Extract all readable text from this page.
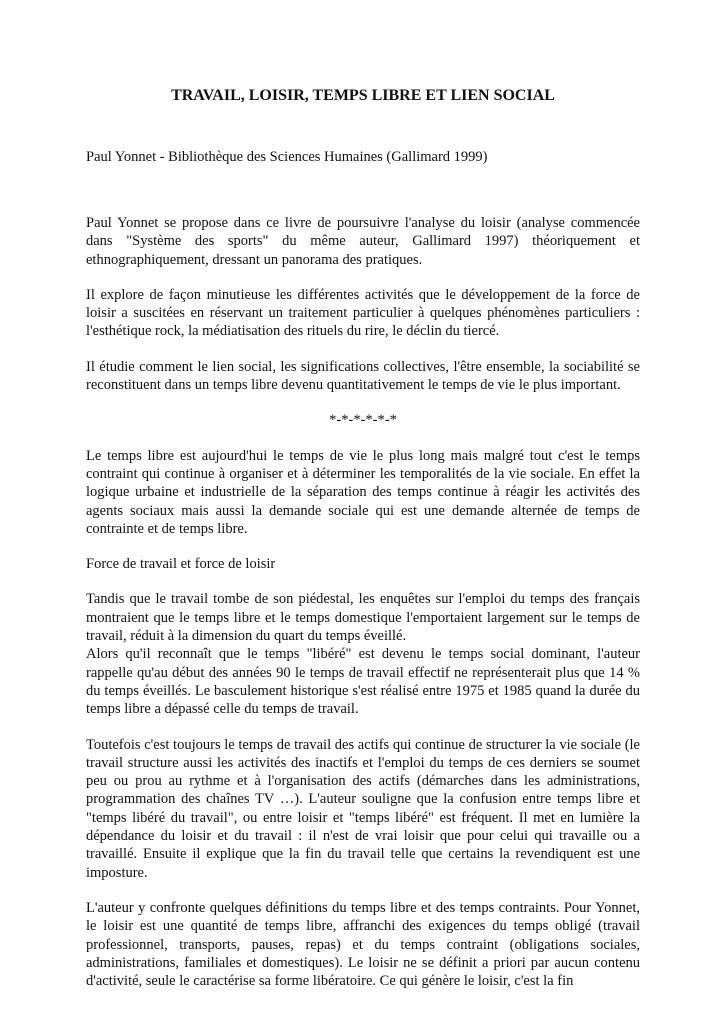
TRAVAIL, LOISIR, TEMPS LIBRE ET LIEN SOCIAL

Paul Yonnet - Bibliothèque des Sciences Humaines (Gallimard 1999)

Paul Yonnet se propose dans ce livre de poursuivre l'analyse du loisir (analyse commencée dans "Système des sports" du même auteur, Gallimard 1997) théoriquement et ethnographiquement, dressant un panorama des pratiques.

Il explore de façon minutieuse les différentes activités que le développement de la force de loisir a suscitées en réservant un traitement particulier à quelques phénomènes particuliers : l'esthétique rock, la médiatisation des rituels du rire, le déclin du tiercé.

Il étudie comment le lien social, les significations collectives, l'être ensemble, la sociabilité se reconstituent dans un temps libre devenu quantitativement le temps de vie le plus important.

*-*-*-*-*-*

Le temps libre est aujourd'hui le temps de vie le plus long mais malgré tout c'est le temps contraint qui continue à organiser et à déterminer les temporalités de la vie sociale. En effet la logique urbaine et industrielle de la séparation des temps continue à réagir les activités des agents sociaux mais aussi la demande sociale qui est une demande alternée de temps de contrainte et de temps libre.

Force de travail et force de loisir

Tandis que le travail tombe de son piédestal, les enquêtes sur l'emploi du temps des français montraient que le temps libre et le temps domestique l'emportaient largement sur le temps de travail, réduit à la dimension du quart du temps éveillé.

Alors qu'il reconnaît que le temps "libéré" est devenu le temps social dominant, l'auteur rappelle qu'au début des années 90 le temps de travail effectif ne représenterait plus que 14 % du temps éveillés. Le basculement historique s'est réalisé entre 1975 et 1985 quand la durée du temps libre a dépassé celle du temps de travail.

Toutefois c'est toujours le temps de travail des actifs qui continue de structurer la vie sociale (le travail structure aussi les activités des inactifs et l'emploi du temps de ces derniers se soumet peu ou prou au rythme et à l'organisation des actifs (démarches dans les administrations, programmation des chaînes TV …). L'auteur souligne que la confusion entre temps libre et "temps libéré du travail", ou entre loisir et "temps libéré" est fréquent. Il met en lumière la dépendance du loisir et du travail : il n'est de vrai loisir que pour celui qui travaille ou a travaillé. Ensuite il explique que la fin du travail telle que certains la revendiquent est une imposture.

L'auteur y confronte quelques définitions du temps libre et des temps contraints. Pour Yonnet, le loisir est une quantité de temps libre, affranchi des exigences du temps obligé (travail professionnel, transports, pauses, repas) et du temps contraint (obligations sociales, administrations, familiales et domestiques). Le loisir ne se définit a priori par aucun contenu d'activité, seule le caractérise sa forme libératoire. Ce qui génère le loisir, c'est la fin
